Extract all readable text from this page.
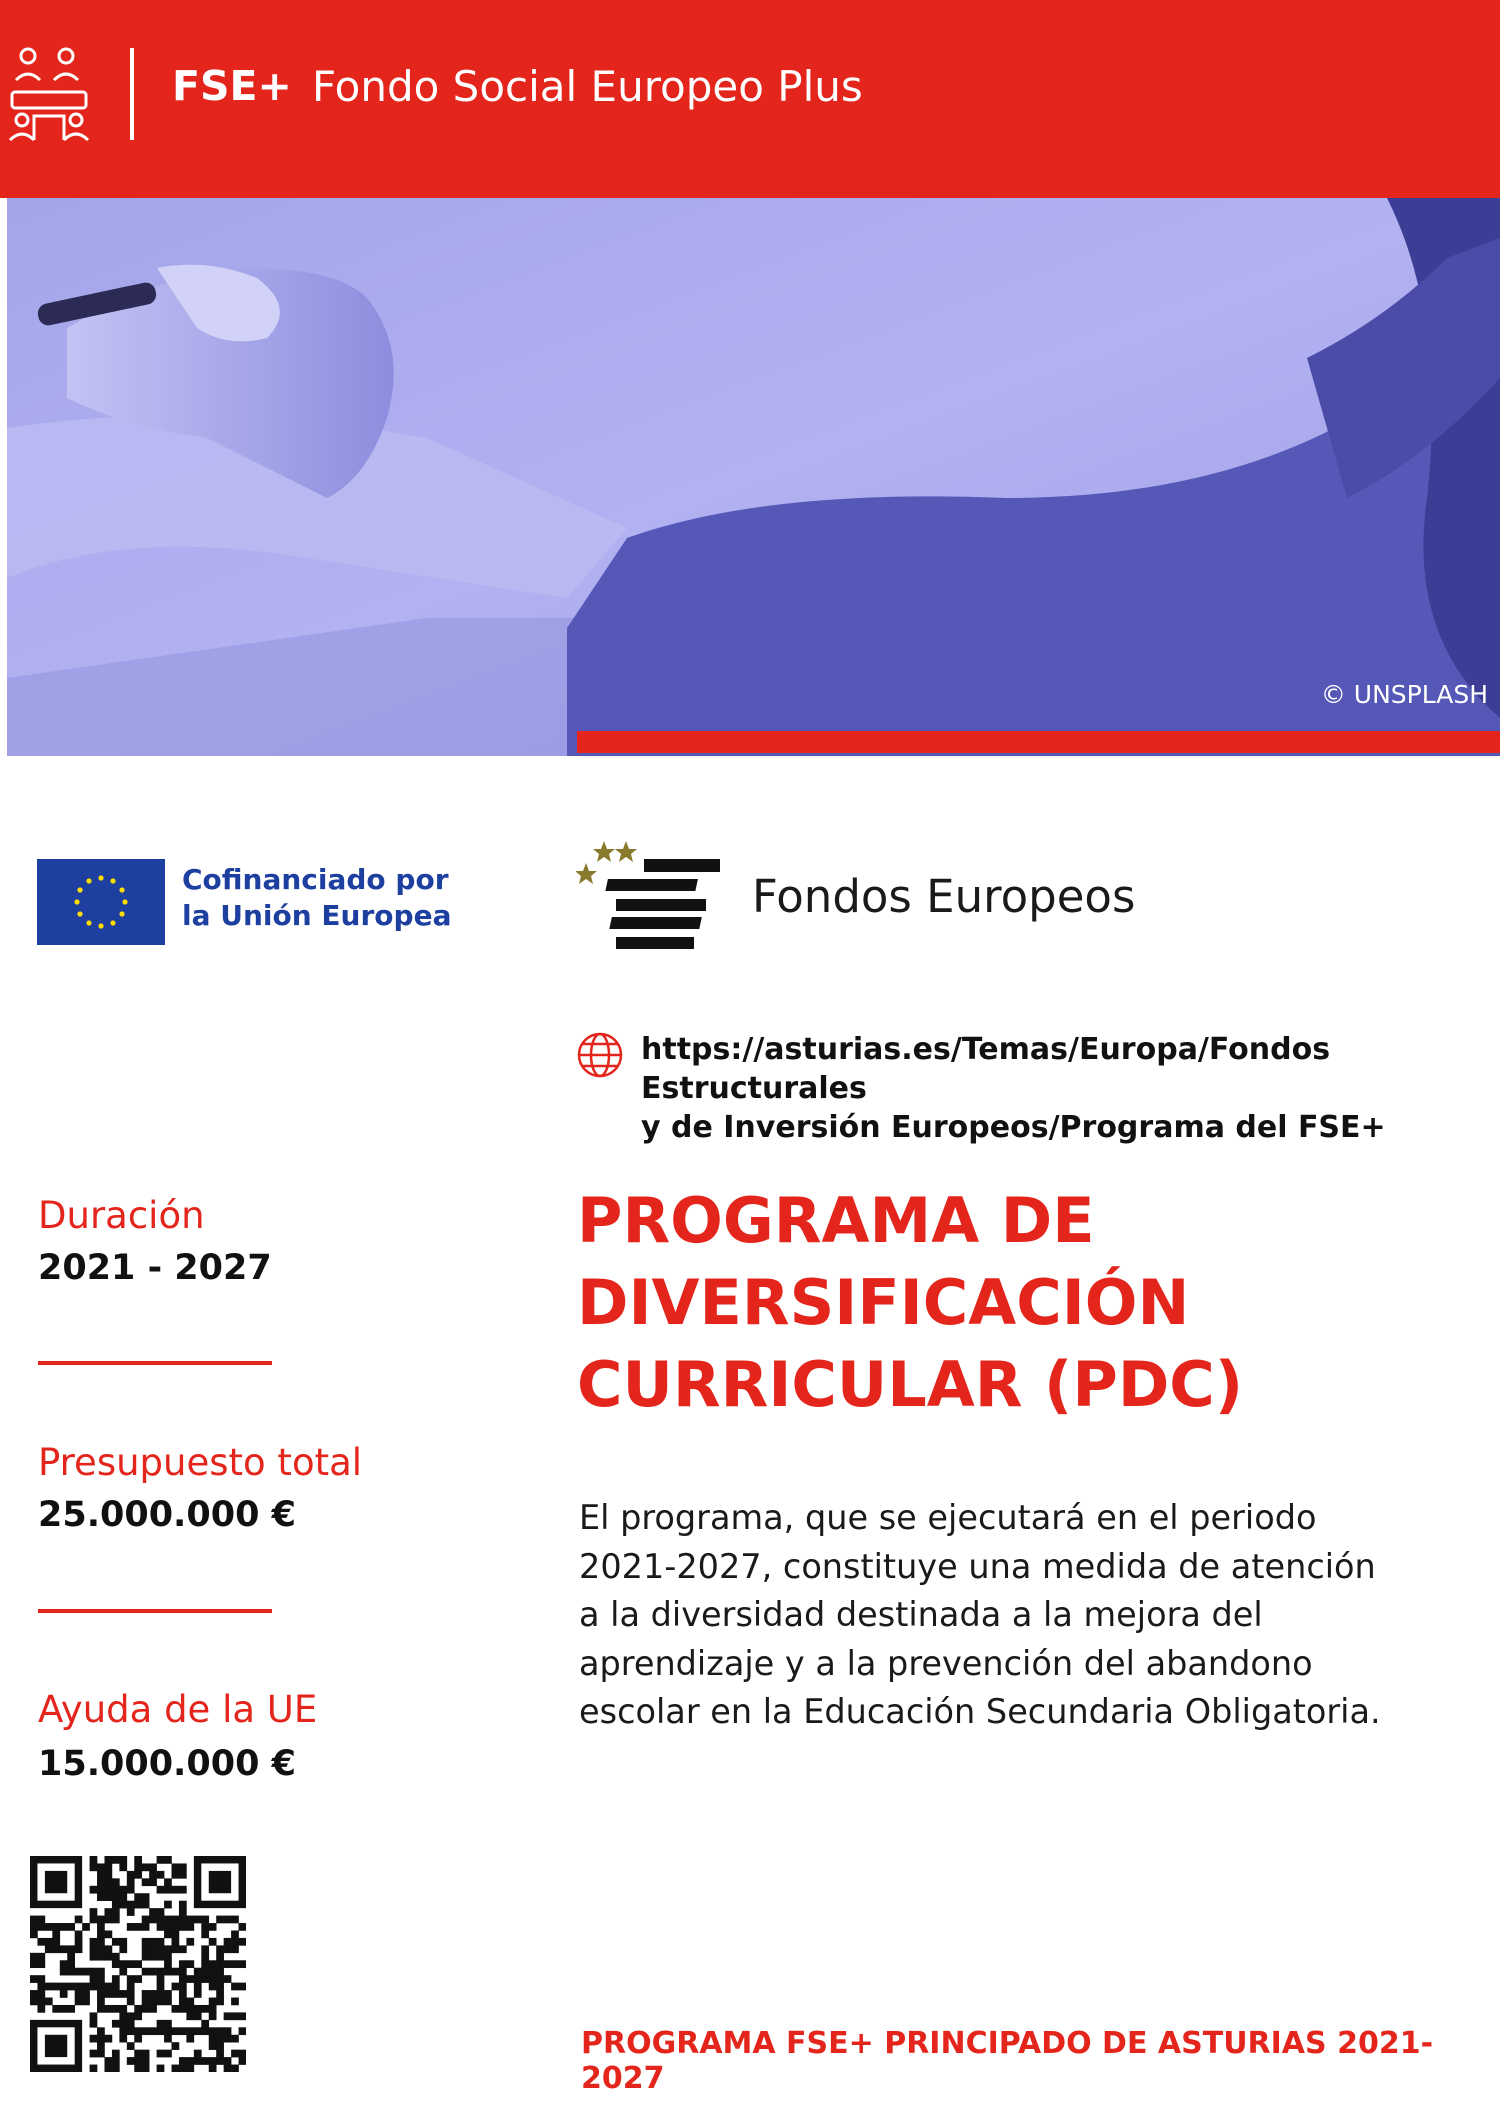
FSE+ Fondo Social Europeo Plus
© UNSPLASH
Cofinanciado por
la Unión Europea	Fondos Europeos
https://asturias.es/Temas/Europa/Fondos Estructurales
y de Inversión Europeos/Programa del FSE+
Duración
2021 - 2027
Presupuesto total
25.000.000 €
Ayuda de la UE
15.000.000 €
PROGRAMA DE
DIVERSIFICACIÓN
CURRICULAR (PDC)
El programa, que se ejecutará en el periodo
2021-2027, constituye una medida de atención
a la diversidad destinada a la mejora del
aprendizaje y a la prevención del abandono
escolar en la Educación Secundaria Obligatoria.
PROGRAMA FSE+ PRINCIPADO DE ASTURIAS 2021-2027
